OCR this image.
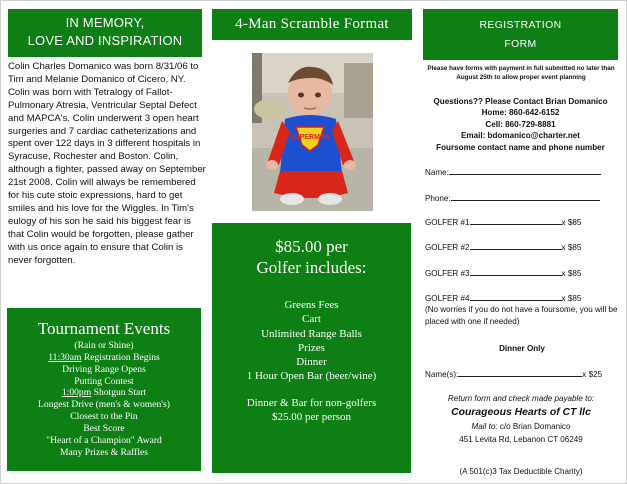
IN MEMORY,
LOVE AND INSPIRATION

Colin Charles Domanico was born 8/31/06 to Tim and Melanie Domanico of Cicero, NY. Colin was born with Tetralogy of Fallot-Pulmonary Atresia, Ventricular Septal Defect and MAPCA's. Colin underwent 3 open heart surgeries and 7 cardiac catheterizations and spent over 122 days in 3 different hospitals in Syracuse, Rochester and Boston. Colin, although a fighter, passed away on September 21st 2008. Colin will always be remembered for his cute stoic expressions, hard to get smiles and his love for the Wiggles. In Tim's eulogy of his son he said his biggest fear is that Colin would be forgotten, please gather with us once again to ensure that Colin is never forgotten.

Tournament Events
(Rain or Shine)
11:30am Registration Begins
Driving Range Opens
Putting Contest
1:00pm Shotgun Start
Longest Drive (men's & women's)
Closest to the Pin
Best Score
"Heart of a Champion" Award
Many Prizes & Raffles
4-Man Scramble Format
SUPERMAN
$85.00 per
Golfer includes:
Greens Fees
Cart
Unlimited Range Balls
Prizes
Dinner
1 Hour Open Bar (beer/wine)
Dinner & Bar for non-golfers
$25.00 per person
REGISTRATION
FORM
Please have forms with payment in full submitted no later than August 25th to allow proper event planning
Questions?? Please Contact Brian Domanico
Home: 860-642-6152
Cell: 860-729-8881
Email: bdomanico@charter.net
Foursome contact name and phone number
Name:
Phone:
GOLFER #1	x $85
GOLFER #2	x $85
GOLFER #3	x $85
GOLFER #4	x $85
(No worries if you do not have a foursome, you will be placed with one if needed)
Dinner Only
Name(s):	x $25
Return form and check made payable to:
Courageous Hearts of CT llc
Mail to: c/o Brian Domanico
451 Levita Rd, Lebanon CT 06249
(A 501(c)3 Tax Deductible Charity)
